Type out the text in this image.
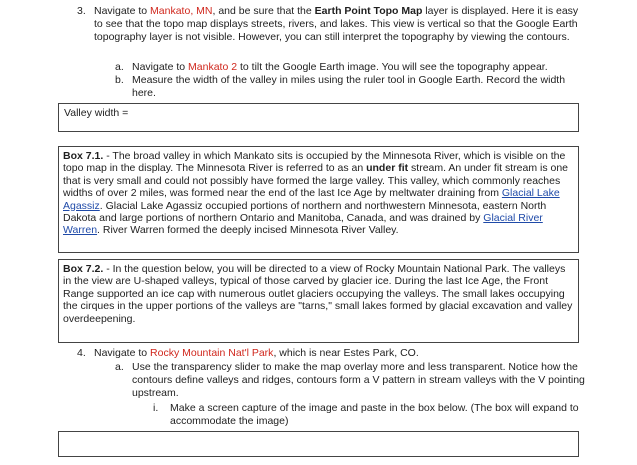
3. Navigate to Mankato, MN, and be sure that the Earth Point Topo Map layer is displayed. Here it is easy to see that the topo map displays streets, rivers, and lakes. This view is vertical so that the Google Earth topography layer is not visible. However, you can still interpret the topography by viewing the contours.
a. Navigate to Mankato 2 to tilt the Google Earth image. You will see the topography appear.
b. Measure the width of the valley in miles using the ruler tool in Google Earth. Record the width here.
Valley width =
Box 7.1. - The broad valley in which Mankato sits is occupied by the Minnesota River, which is visible on the topo map in the display. The Minnesota River is referred to as an under fit stream. An under fit stream is one that is very small and could not possibly have formed the large valley. This valley, which commonly reaches widths of over 2 miles, was formed near the end of the last Ice Age by meltwater draining from Glacial Lake Agassiz. Glacial Lake Agassiz occupied portions of northern and northwestern Minnesota, eastern North Dakota and large portions of northern Ontario and Manitoba, Canada, and was drained by Glacial River Warren. River Warren formed the deeply incised Minnesota River Valley.
Box 7.2. - In the question below, you will be directed to a view of Rocky Mountain National Park. The valleys in the view are U-shaped valleys, typical of those carved by glacier ice. During the last Ice Age, the Front Range supported an ice cap with numerous outlet glaciers occupying the valleys. The small lakes occupying the cirques in the upper portions of the valleys are "tarns," small lakes formed by glacial excavation and valley overdeepening.
4. Navigate to Rocky Mountain Nat'l Park, which is near Estes Park, CO.
a. Use the transparency slider to make the map overlay more and less transparent. Notice how the contours define valleys and ridges, contours form a V pattern in stream valleys with the V pointing upstream.
i. Make a screen capture of the image and paste in the box below. (The box will expand to accommodate the image)
